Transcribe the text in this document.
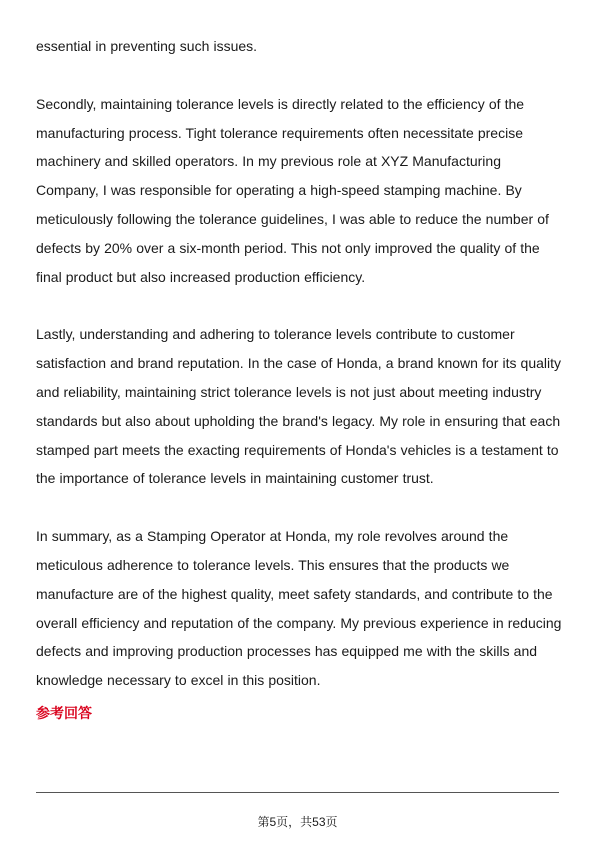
essential in preventing such issues.

Secondly, maintaining tolerance levels is directly related to the efficiency of the manufacturing process. Tight tolerance requirements often necessitate precise machinery and skilled operators. In my previous role at XYZ Manufacturing Company, I was responsible for operating a high-speed stamping machine. By meticulously following the tolerance guidelines, I was able to reduce the number of defects by 20% over a six-month period. This not only improved the quality of the final product but also increased production efficiency.

Lastly, understanding and adhering to tolerance levels contribute to customer satisfaction and brand reputation. In the case of Honda, a brand known for its quality and reliability, maintaining strict tolerance levels is not just about meeting industry standards but also about upholding the brand's legacy. My role in ensuring that each stamped part meets the exacting requirements of Honda's vehicles is a testament to the importance of tolerance levels in maintaining customer trust.

In summary, as a Stamping Operator at Honda, my role revolves around the meticulous adherence to tolerance levels. This ensures that the products we manufacture are of the highest quality, meet safety standards, and contribute to the overall efficiency and reputation of the company. My previous experience in reducing defects and improving production processes has equipped me with the skills and knowledge necessary to excel in this position.

参考回答

第5页，共53页
